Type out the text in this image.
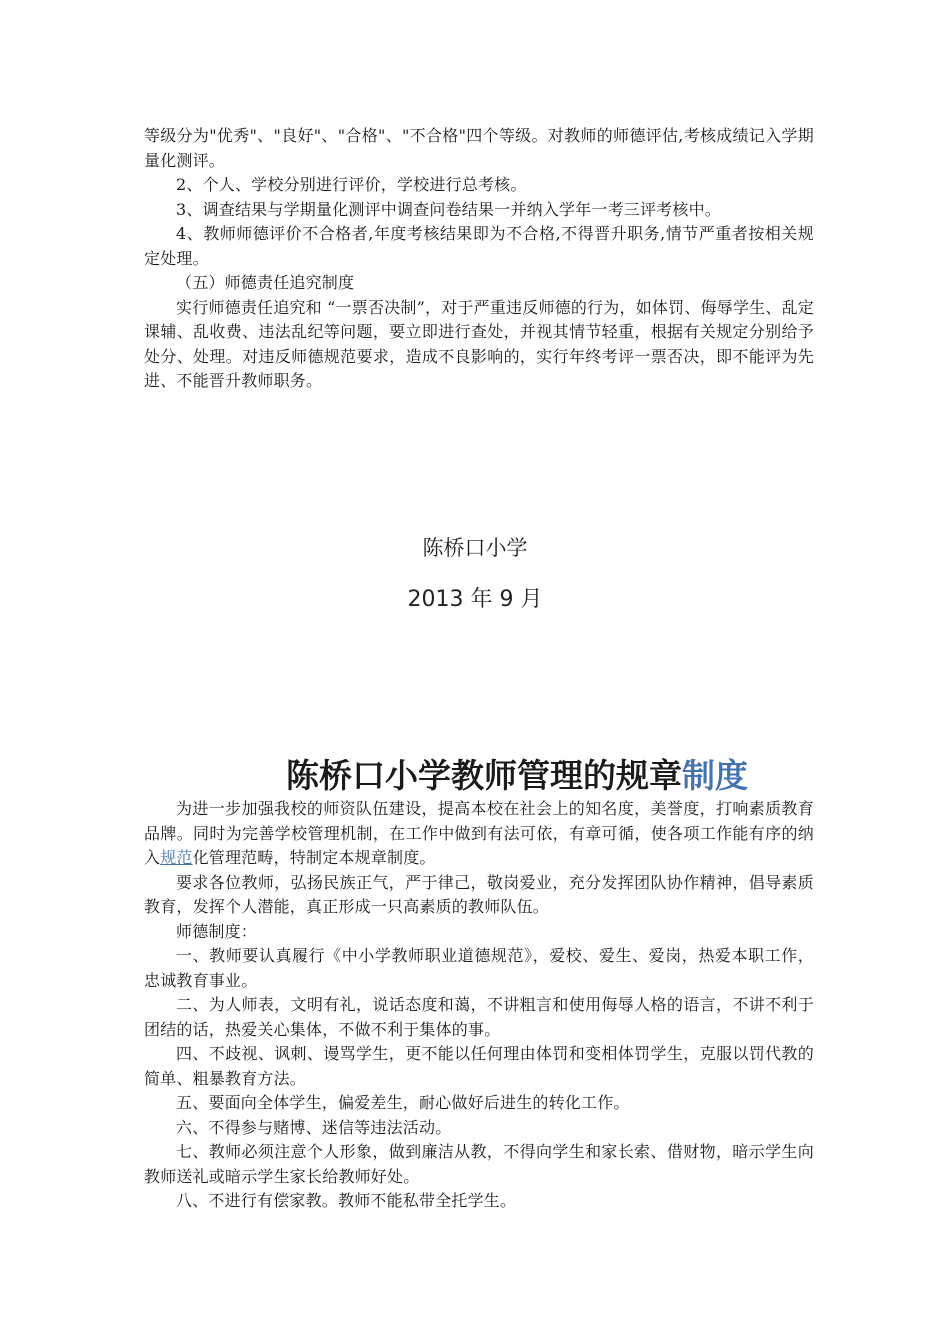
等级分为"优秀"、"良好"、"合格"、"不合格"四个等级。对教师的师德评估,考核成绩记入学期量化测评。

2、个人、学校分别进行评价，学校进行总考核。

3、调查结果与学期量化测评中调查问卷结果一并纳入学年一考三评考核中。

4、教师师德评价不合格者,年度考核结果即为不合格,不得晋升职务,情节严重者按相关规定处理。

（五）师德责任追究制度

实行师德责任追究和 “一票否决制”，对于严重违反师德的行为，如体罚、侮辱学生、乱定课辅、乱收费、违法乱纪等问题，要立即进行查处，并视其情节轻重，根据有关规定分别给予处分、处理。对违反师德规范要求，造成不良影响的，实行年终考评一票否决，即不能评为先进、不能晋升教师职务。

陈桥口小学

2013 年 9 月

陈桥口小学教师管理的规章制度

为进一步加强我校的师资队伍建设，提高本校在社会上的知名度，美誉度，打响素质教育品牌。同时为完善学校管理机制，在工作中做到有法可依，有章可循，使各项工作能有序的纳入规范化管理范畴，特制定本规章制度。

要求各位教师，弘扬民族正气，严于律己，敬岗爱业，充分发挥团队协作精神，倡导素质教育，发挥个人潜能，真正形成一只高素质的教师队伍。

师德制度：

一、教师要认真履行《中小学教师职业道德规范》，爱校、爱生、爱岗，热爱本职工作，忠诚教育事业。

二、为人师表，文明有礼，说话态度和蔼，不讲粗言和使用侮辱人格的语言，不讲不利于团结的话，热爱关心集体，不做不利于集体的事。

四、不歧视、讽刺、谩骂学生，更不能以任何理由体罚和变相体罚学生，克服以罚代教的简单、粗暴教育方法。

五、要面向全体学生，偏爱差生，耐心做好后进生的转化工作。

六、不得参与赌博、迷信等违法活动。

七、教师必须注意个人形象，做到廉洁从教，不得向学生和家长索、借财物，暗示学生向教师送礼或暗示学生家长给教师好处。

八、不进行有偿家教。教师不能私带全托学生。
